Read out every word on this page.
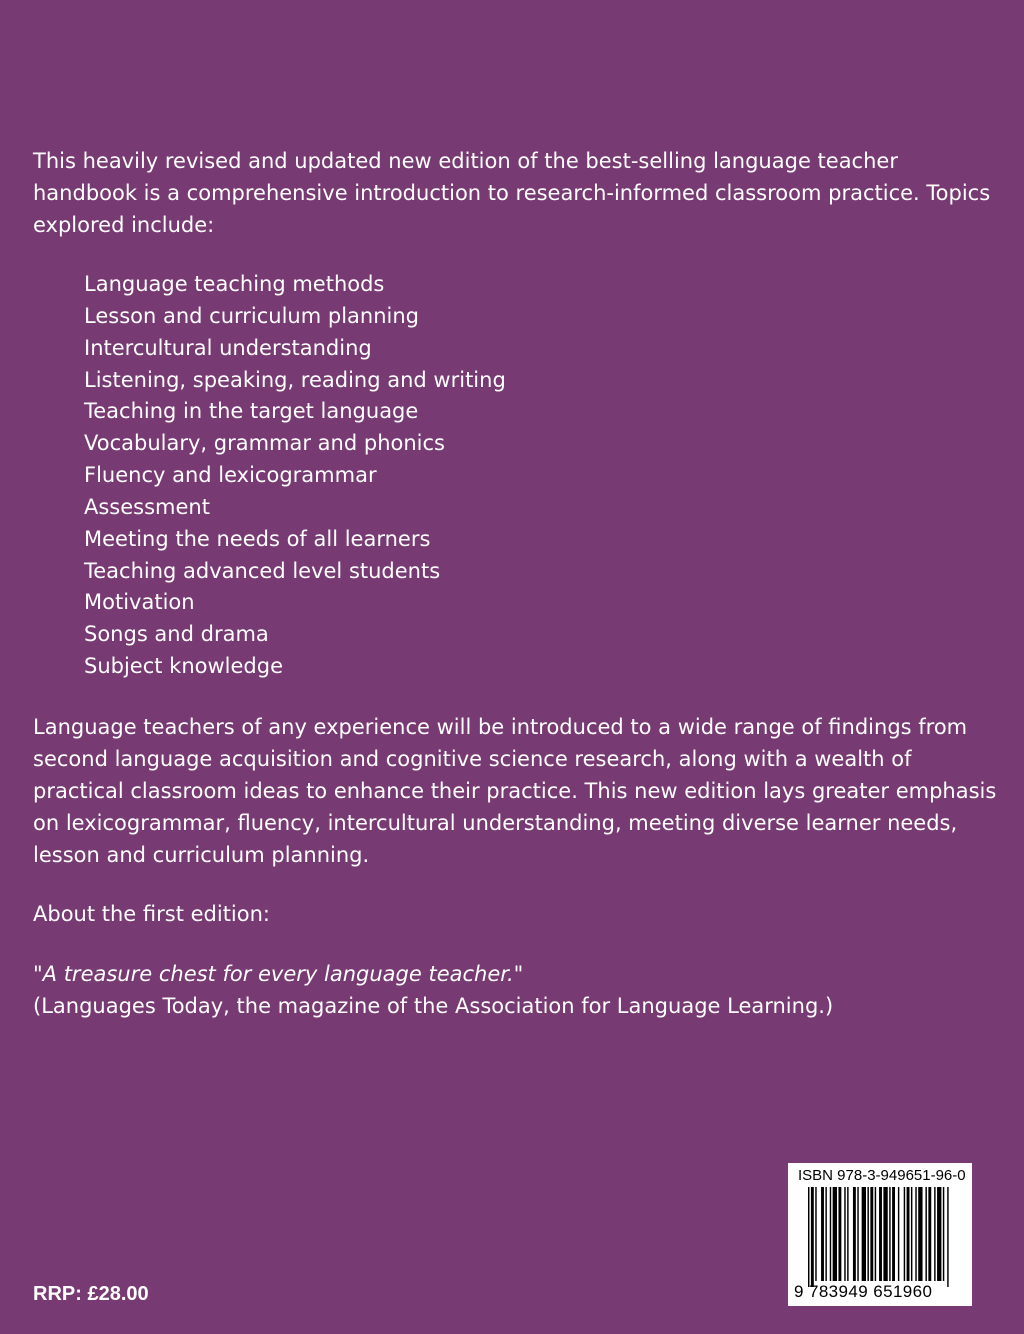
This heavily revised and updated new edition of the best-selling language teacher handbook is a comprehensive introduction to research-informed classroom practice. Topics explored include:

Language teaching methods
Lesson and curriculum planning
Intercultural understanding
Listening, speaking, reading and writing
Teaching in the target language
Vocabulary, grammar and phonics
Fluency and lexicogrammar
Assessment
Meeting the needs of all learners
Teaching advanced level students
Motivation
Songs and drama
Subject knowledge

Language teachers of any experience will be introduced to a wide range of findings from second language acquisition and cognitive science research, along with a wealth of practical classroom ideas to enhance their practice. This new edition lays greater emphasis on lexicogrammar, fluency, intercultural understanding, meeting diverse learner needs, lesson and curriculum planning.

About the first edition:

"A treasure chest for every language teacher."

(Languages Today, the magazine of the Association for Language Learning.)

RRP: £28.00
ISBN 978-3-949651-96-0
9 783949 651960
